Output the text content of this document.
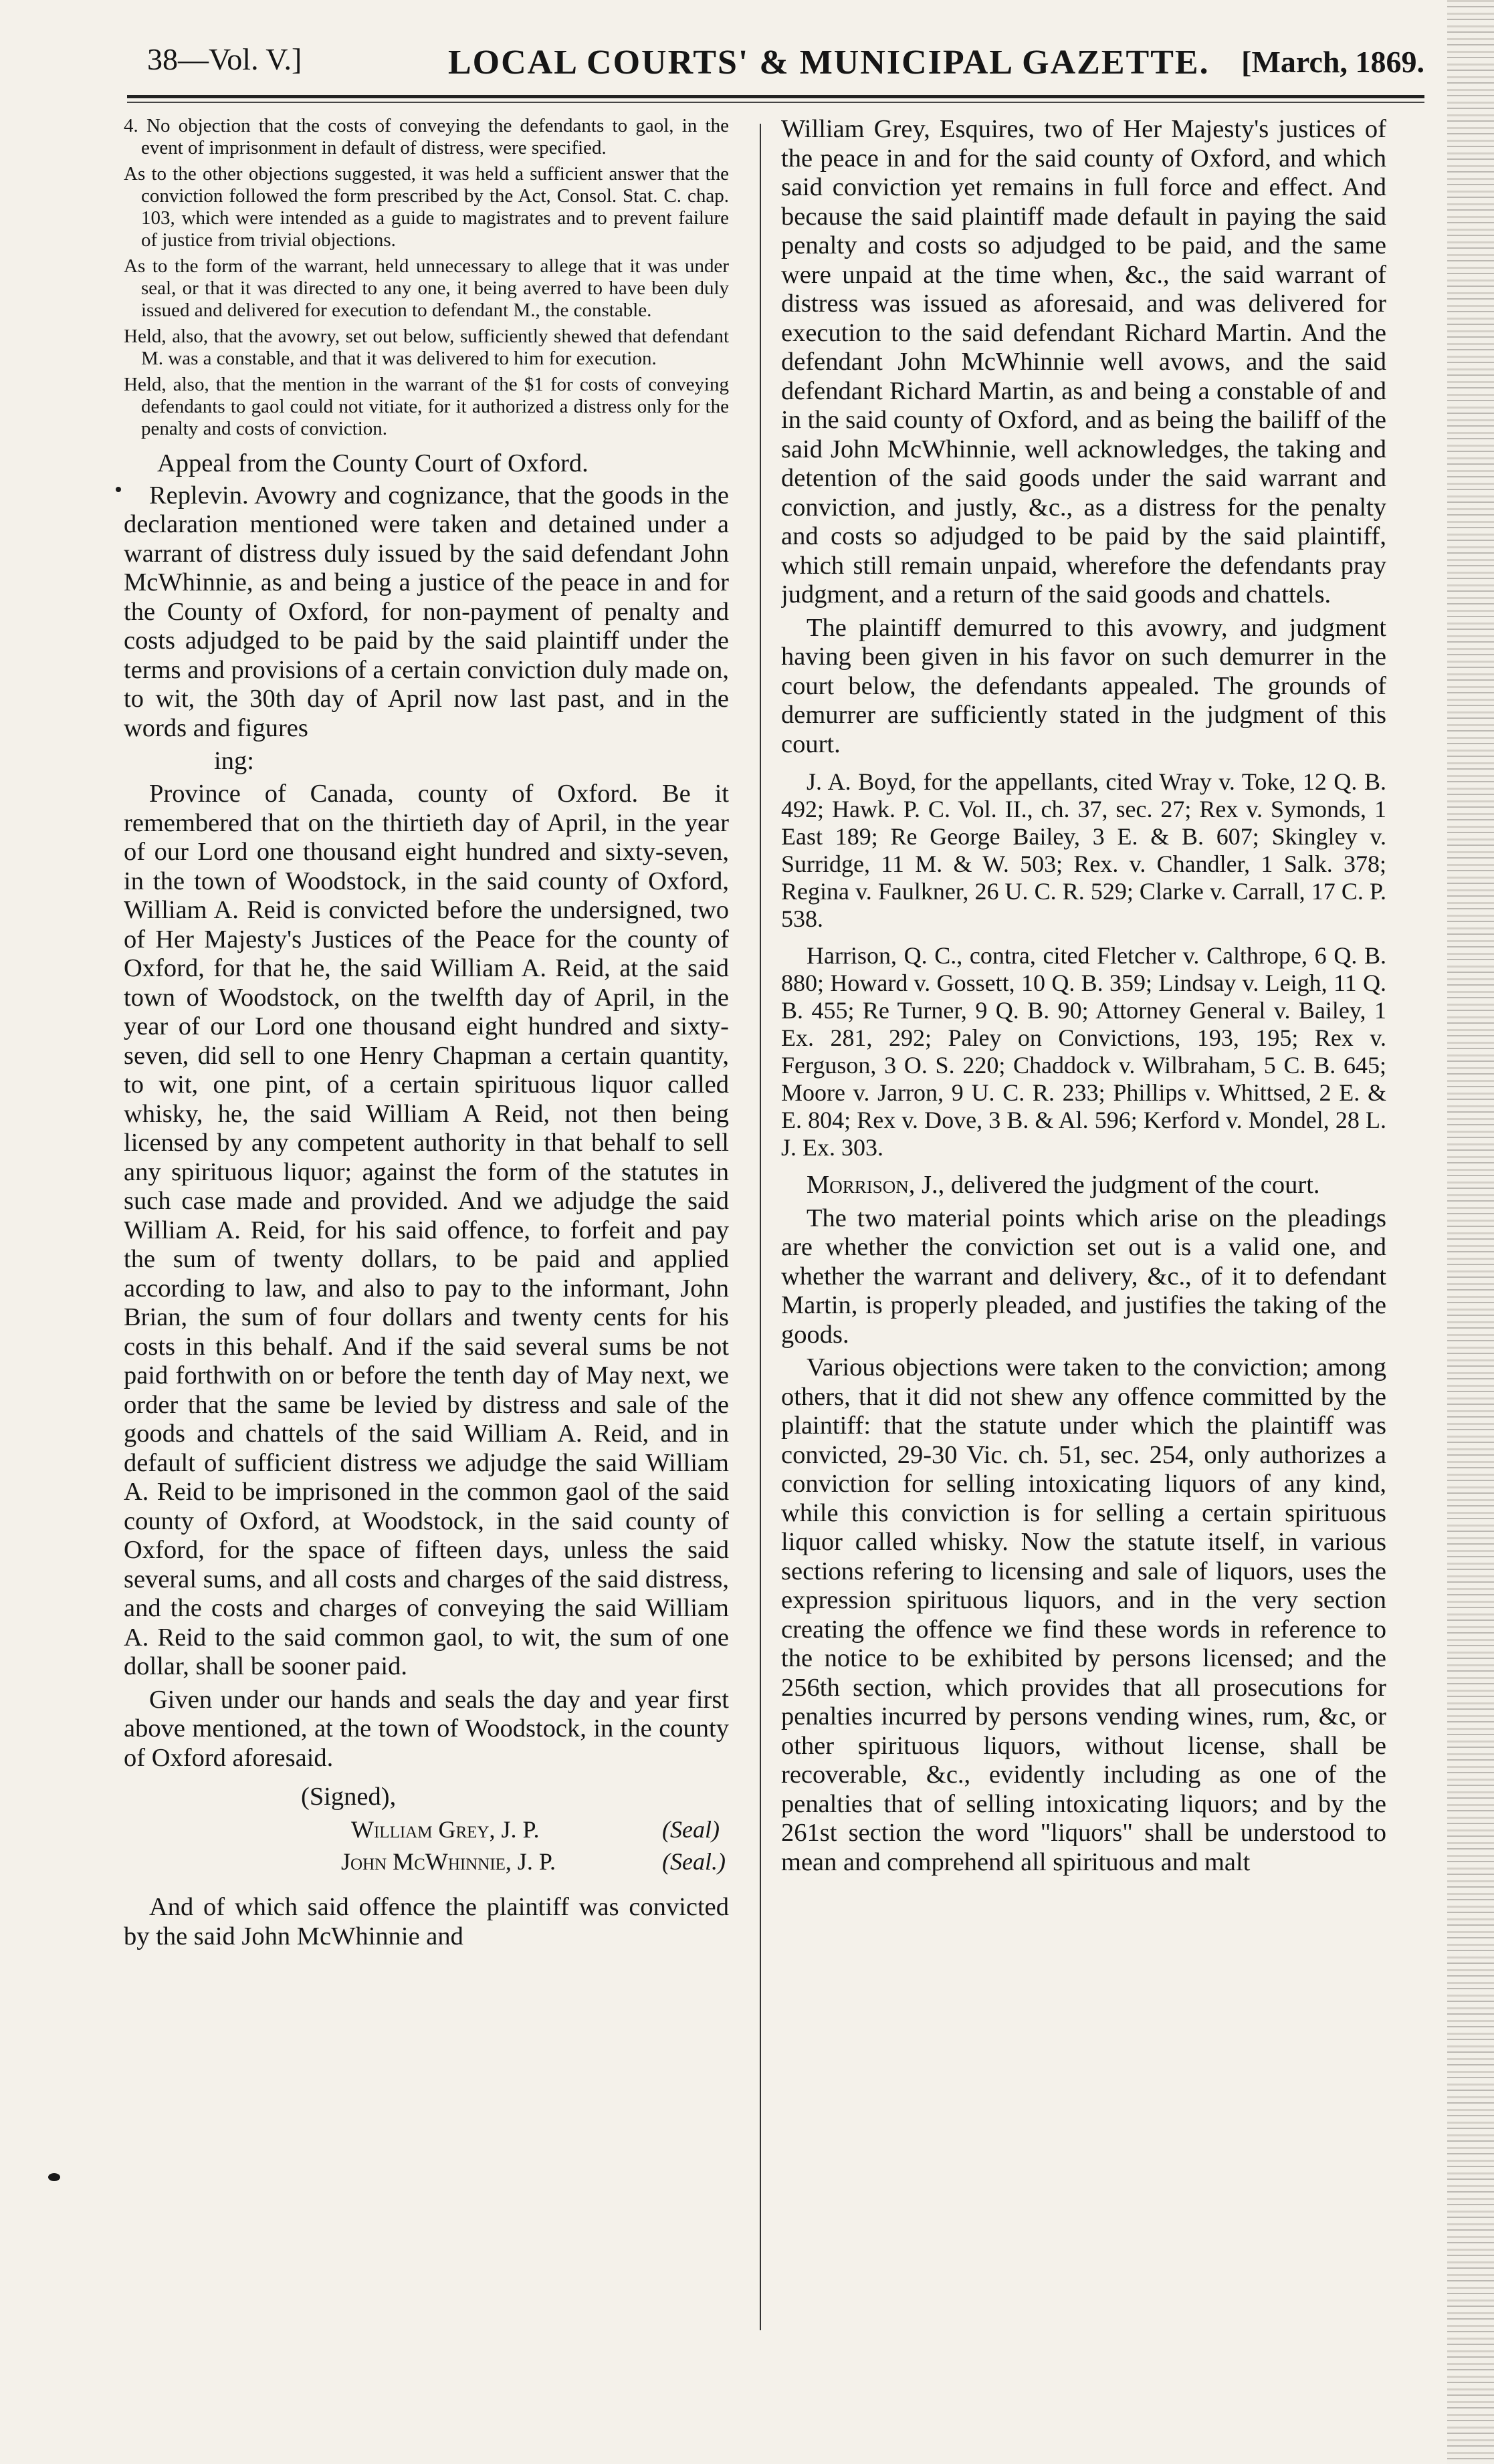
38—Vol. V.]	LOCAL COURTS' & MUNICIPAL GAZETTE. [March, 1869.

4. No objection that the costs of conveying the defendants to gaol, in the event of imprisonment in default of distress, were specified.

As to the other objections suggested, it was held a sufficient answer that the conviction followed the form prescribed by the Act, Consol. Stat. C. chap. 103, which were intended as a guide to magistrates and to prevent failure of justice from trivial objections.

As to the form of the warrant, held unnecessary to allege that it was under seal, or that it was directed to any one, it being averred to have been duly issued and delivered for execution to defendant M., the constable.

Held, also, that the avowry, set out below, sufficiently shewed that defendant M. was a constable, and that it was delivered to him for execution.

Held, also, that the mention in the warrant of the $1 for costs of conveying defendants to gaol could not vitiate, for it authorized a distress only for the penalty and costs of conviction.

Appeal from the County Court of Oxford.

Replevin. Avowry and cognizance, that the goods in the declaration mentioned were taken and detained under a warrant of distress duly issued by the said defendant John McWhinnie, as and being a justice of the peace in and for the County of Oxford, for non-payment of penalty and costs adjudged to be paid by the said plaintiff under the terms and provisions of a certain conviction duly made on, to wit, the 30th day of April now last past, and in the words and figures

ing:

Province of Canada, county of Oxford. Be it remembered that on the thirtieth day of April, in the year of our Lord one thousand eight hundred and sixty-seven, in the town of Woodstock, in the said county of Oxford, William A. Reid is convicted before the undersigned, two of Her Majesty's Justices of the Peace for the county of Oxford, for that he, the said William A. Reid, at the said town of Woodstock, on the twelfth day of April, in the year of our Lord one thousand eight hundred and sixty-seven, did sell to one Henry Chapman a certain quantity, to wit, one pint, of a certain spirituous liquor called whisky, he, the said William A Reid, not then being licensed by any competent authority in that behalf to sell any spirituous liquor; against the form of the statutes in such case made and provided. And we adjudge the said William A. Reid, for his said offence, to forfeit and pay the sum of twenty dollars, to be paid and applied according to law, and also to pay to the informant, John Brian, the sum of four dollars and twenty cents for his costs in this behalf. And if the said several sums be not paid forthwith on or before the tenth day of May next, we order that the same be levied by distress and sale of the goods and chattels of the said William A. Reid, and in default of sufficient distress we adjudge the said William A. Reid to be imprisoned in the common gaol of the said county of Oxford, at Woodstock, in the said county of Oxford, for the space of fifteen days, unless the said several sums, and all costs and charges of the said distress, and the costs and charges of conveying the said William A. Reid to the said common gaol, to wit, the sum of one dollar, shall be sooner paid.

Given under our hands and seals the day and year first above mentioned, at the town of Woodstock, in the county of Oxford aforesaid.

(Signed),

William Grey, J. P.	(Seal)
John McWhinnie, J. P.	(Seal.)

And of which said offence the plaintiff was convicted by the said John McWhinnie and

William Grey, Esquires, two of Her Majesty's justices of the peace in and for the said county of Oxford, and which said conviction yet remains in full force and effect. And because the said plaintiff made default in paying the said penalty and costs so adjudged to be paid, and the same were unpaid at the time when, &c., the said warrant of distress was issued as aforesaid, and was delivered for execution to the said defendant Richard Martin. And the defendant John McWhinnie well avows, and the said defendant Richard Martin, as and being a constable of and in the said county of Oxford, and as being the bailiff of the said John McWhinnie, well acknowledges, the taking and detention of the said goods under the said warrant and conviction, and justly, &c., as a distress for the penalty and costs so adjudged to be paid by the said plaintiff, which still remain unpaid, wherefore the defendants pray judgment, and a return of the said goods and chattels.

The plaintiff demurred to this avowry, and judgment having been given in his favor on such demurrer in the court below, the defendants appealed. The grounds of demurrer are sufficiently stated in the judgment of this court.

J. A. Boyd, for the appellants, cited Wray v. Toke, 12 Q. B. 492; Hawk. P. C. Vol. II., ch. 37, sec. 27; Rex v. Symonds, 1 East 189; Re George Bailey, 3 E. & B. 607; Skingley v. Surridge, 11 M. & W. 503; Rex. v. Chandler, 1 Salk. 378; Regina v. Faulkner, 26 U. C. R. 529; Clarke v. Carrall, 17 C. P. 538.

Harrison, Q. C., contra, cited Fletcher v. Calthrope, 6 Q. B. 880; Howard v. Gossett, 10 Q. B. 359; Lindsay v. Leigh, 11 Q. B. 455; Re Turner, 9 Q. B. 90; Attorney General v. Bailey, 1 Ex. 281, 292; Paley on Convictions, 193, 195; Rex v. Ferguson, 3 O. S. 220; Chaddock v. Wilbraham, 5 C. B. 645; Moore v. Jarron, 9 U. C. R. 233; Phillips v. Whittsed, 2 E. & E. 804; Rex v. Dove, 3 B. & Al. 596; Kerford v. Mondel, 28 L. J. Ex. 303.

Morrison, J., delivered the judgment of the court.

The two material points which arise on the pleadings are whether the conviction set out is a valid one, and whether the warrant and delivery, &c., of it to defendant Martin, is properly pleaded, and justifies the taking of the goods.

Various objections were taken to the conviction; among others, that it did not shew any offence committed by the plaintiff: that the statute under which the plaintiff was convicted, 29-30 Vic. ch. 51, sec. 254, only authorizes a conviction for selling intoxicating liquors of any kind, while this conviction is for selling a certain spirituous liquor called whisky. Now the statute itself, in various sections refering to licensing and sale of liquors, uses the expression spirituous liquors, and in the very section creating the offence we find these words in reference to the notice to be exhibited by persons licensed; and the 256th section, which provides that all prosecutions for penalties incurred by persons vending wines, rum, &c, or other spirituous liquors, without license, shall be recoverable, &c., evidently including as one of the penalties that of selling intoxicating liquors; and by the 261st section the word "liquors" shall be understood to mean and comprehend all spirituous and malt
